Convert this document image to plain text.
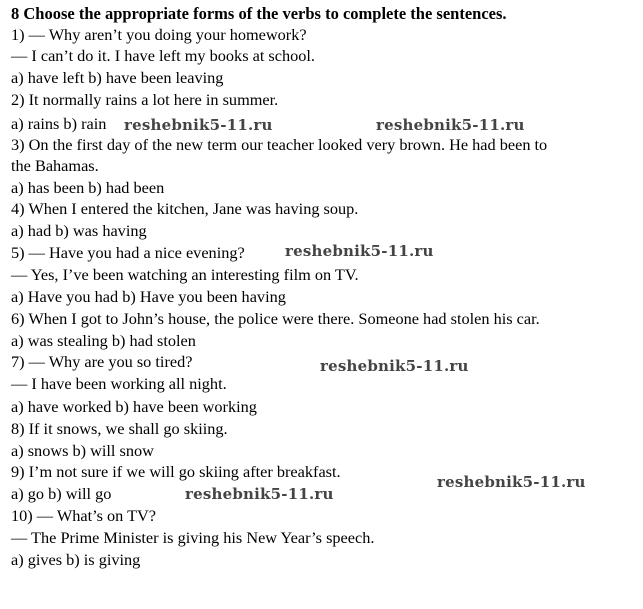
8 Choose the appropriate forms of the verbs to complete the sentences.
1) — Why aren’t you doing your homework?
— I can’t do it. I have left my books at school.
a) have left b) have been leaving
2) It normally rains a lot here in summer.
a) rains b) rain
3) On the first day of the new term our teacher looked very brown. He had been to
the Bahamas.
a) has been b) had been
4) When I entered the kitchen, Jane was having soup.
a) had b) was having
5) — Have you had a nice evening?
— Yes, I’ve been watching an interesting film on TV.
a) Have you had b) Have you been having
6) When I got to John’s house, the police were there. Someone had stolen his car.
a) was stealing b) had stolen
7) — Why are you so tired?
— I have been working all night.
a) have worked b) have been working
8) If it snows, we shall go skiing.
a) snows b) will snow
9) I’m not sure if we will go skiing after breakfast.
a) go b) will go
10) — What’s on TV?
— The Prime Minister is giving his New Year’s speech.
a) gives b) is giving
reshebnik5-11.ru	reshebnik5-11.ru
reshebnik5-11.ru
reshebnik5-11.ru
reshebnik5-11.ru
reshebnik5-11.ru
